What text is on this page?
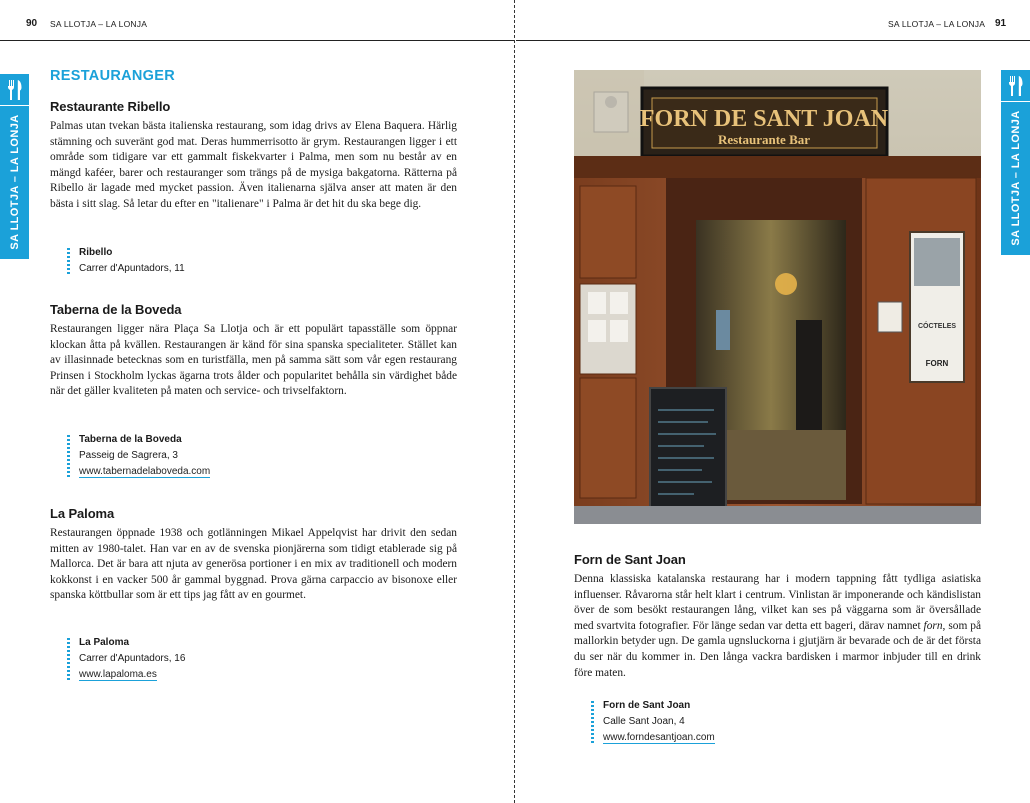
90 SA LLOTJA – LA LONJA
SA LLOTJA – LA LONJA
RESTAURANGER
Restaurante Ribello

Palmas utan tvekan bästa italienska restaurang, som idag drivs av Elena Baquera. Härlig stämning och suveränt god mat. Deras hummerrisotto är grym. Restaurangen ligger i ett område som tidigare var ett gammalt fiskekvarter i Palma, men som nu består av en mängd kaféer, barer och restauranger som trängs på de mysiga bakgatorna. Rätterna på Ribello är lagade med mycket passion. Även italienarna själva anser att maten är den bästa i sitt slag. Så letar du efter en "italienare" i Palma är det hit du ska bege dig.

Ribello
Carrer d'Apuntadors, 11
Taberna de la Boveda

Restaurangen ligger nära Plaça Sa Llotja och är ett populärt tapasställe som öppnar klockan åtta på kvällen. Restaurangen är känd för sina spanska specialiteter. Stället kan av illasinnade betecknas som en turistfälla, men på samma sätt som vår egen restaurang Prinsen i Stockholm lyckas ägarna trots ålder och popularitet behålla sin värdighet både när det gäller kvaliteten på maten och service- och trivselfaktorn.

Taberna de la Boveda
Passeig de Sagrera, 3
www.tabernadelaboveda.com
La Paloma

Restaurangen öppnade 1938 och gotlänningen Mikael Appelqvist har drivit den sedan mitten av 1980-talet. Han var en av de svenska pionjärerna som tidigt etablerade sig på Mallorca. Det är bara att njuta av generösa portioner i en mix av traditionell och modern kokkonst i en vacker 500 år gammal byggnad. Prova gärna carpaccio av bisonoxe eller spanska köttbullar som är ett tips jag fått av en gourmet.

La Paloma
Carrer d'Apuntadors, 16
www.lapaloma.es
SA LLOTJA – LA LONJA 91
SA LLOTJA – LA LONJA
Forn de Sant Joan

Denna klassiska katalanska restaurang har i modern tappning fått tydliga asiatiska influenser. Råvarorna står helt klart i centrum. Vinlistan är imponerande och kändislistan över de som besökt restaurangen lång, vilket kan ses på väggarna som är översållade med svartvita fotografier. För länge sedan var detta ett bageri, därav namnet forn, som på mallorkin betyder ugn. De gamla ugnsluckorna i gjutjärn är bevarade och de är det första du ser när du kommer in. Den långa vackra bardisken i marmor inbjuder till en drink före maten.

Forn de Sant Joan
Calle Sant Joan, 4
www.forndesantjoan.com
FORN DE SANT JOAN
Restaurante Bar
CÓCTELES
FORN
